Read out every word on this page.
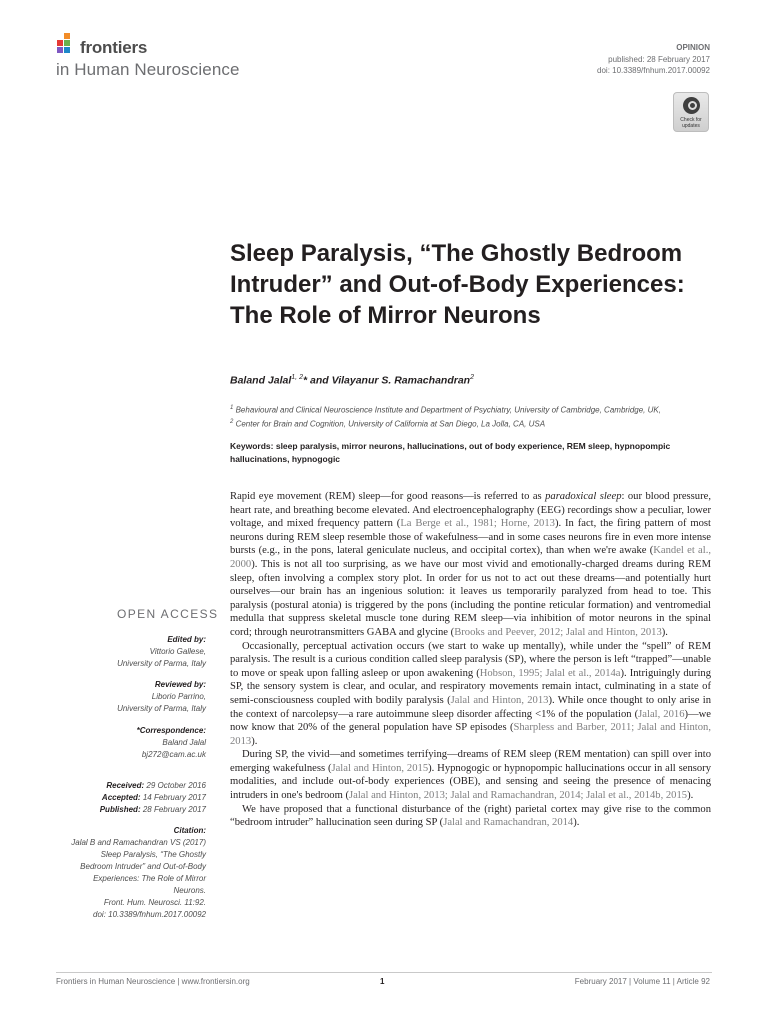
frontiers
in Human Neuroscience
OPINION
published: 28 February 2017
doi: 10.3389/fnhum.2017.00092
Check for
updates
Sleep Paralysis, “The Ghostly Bedroom Intruder” and Out-of-Body Experiences: The Role of Mirror Neurons
Baland Jalal$^{1, 2}$* and Vilayanur S. Ramachandran$^2$
$^1$ Behavioural and Clinical Neuroscience Institute and Department of Psychiatry, University of Cambridge, Cambridge, UK,
$^2$ Center for Brain and Cognition, University of California at San Diego, La Jolla, CA, USA
Keywords: sleep paralysis, mirror neurons, hallucinations, out of body experience, REM sleep, hypnopompic hallucinations, hypnogogic
OPEN ACCESS
Edited by:
Vittorio Gallese,
University of Parma, Italy
Reviewed by:
Liborio Parrino,
University of Parma, Italy
*Correspondence:
Baland Jalal
bj272@cam.ac.uk
Received: 29 October 2016
Accepted: 14 February 2017
Published: 28 February 2017
Citation:
Jalal B and Ramachandran VS (2017)
Sleep Paralysis, “The Ghostly
Bedroom Intruder” and Out-of-Body
Experiences: The Role of Mirror
Neurons.
Front. Hum. Neurosci. 11:92.
doi: 10.3389/fnhum.2017.00092

Rapid eye movement (REM) sleep—for good reasons—is referred to as paradoxical sleep: our blood pressure, heart rate, and breathing become elevated. And electroencephalography (EEG) recordings show a peculiar, lower voltage, and mixed frequency pattern (La Berge et al., 1981; Horne, 2013). In fact, the firing pattern of most neurons during REM sleep resemble those of wakefulness—and in some cases neurons fire in even more intense bursts (e.g., in the pons, lateral geniculate nucleus, and occipital cortex), than when we're awake (Kandel et al., 2000). This is not all too surprising, as we have our most vivid and emotionally-charged dreams during REM sleep, often involving a complex story plot. In order for us not to act out these dreams—and potentially hurt ourselves—our brain has an ingenious solution: it leaves us temporarily paralyzed from head to toe. This paralysis (postural atonia) is triggered by the pons (including the pontine reticular formation) and ventromedial medulla that suppress skeletal muscle tone during REM sleep—via inhibition of motor neurons in the spinal cord; through neurotransmitters GABA and glycine (Brooks and Peever, 2012; Jalal and Hinton, 2013).

Occasionally, perceptual activation occurs (we start to wake up mentally), while under the “spell” of REM paralysis. The result is a curious condition called sleep paralysis (SP), where the person is left “trapped”—unable to move or speak upon falling asleep or upon awakening (Hobson, 1995; Jalal et al., 2014a). Intriguingly during SP, the sensory system is clear, and ocular, and respiratory movements remain intact, culminating in a state of semi-consciousness coupled with bodily paralysis (Jalal and Hinton, 2013). While once thought to only arise in the context of narcolepsy—a rare autoimmune sleep disorder affecting <1% of the population (Jalal, 2016)—we now know that 20% of the general population have SP episodes (Sharpless and Barber, 2011; Jalal and Hinton, 2013).

During SP, the vivid—and sometimes terrifying—dreams of REM sleep (REM mentation) can spill over into emerging wakefulness (Jalal and Hinton, 2015). Hypnogogic or hypnopompic hallucinations occur in all sensory modalities, and include out-of-body experiences (OBE), and sensing and seeing the presence of menacing intruders in one's bedroom (Jalal and Hinton, 2013; Jalal and Ramachandran, 2014; Jalal et al., 2014b, 2015).

We have proposed that a functional disturbance of the (right) parietal cortex may give rise to the common “bedroom intruder” hallucination seen during SP (Jalal and Ramachandran, 2014).

Frontiers in Human Neuroscience | www.frontiersin.org	1	February 2017 | Volume 11 | Article 92
